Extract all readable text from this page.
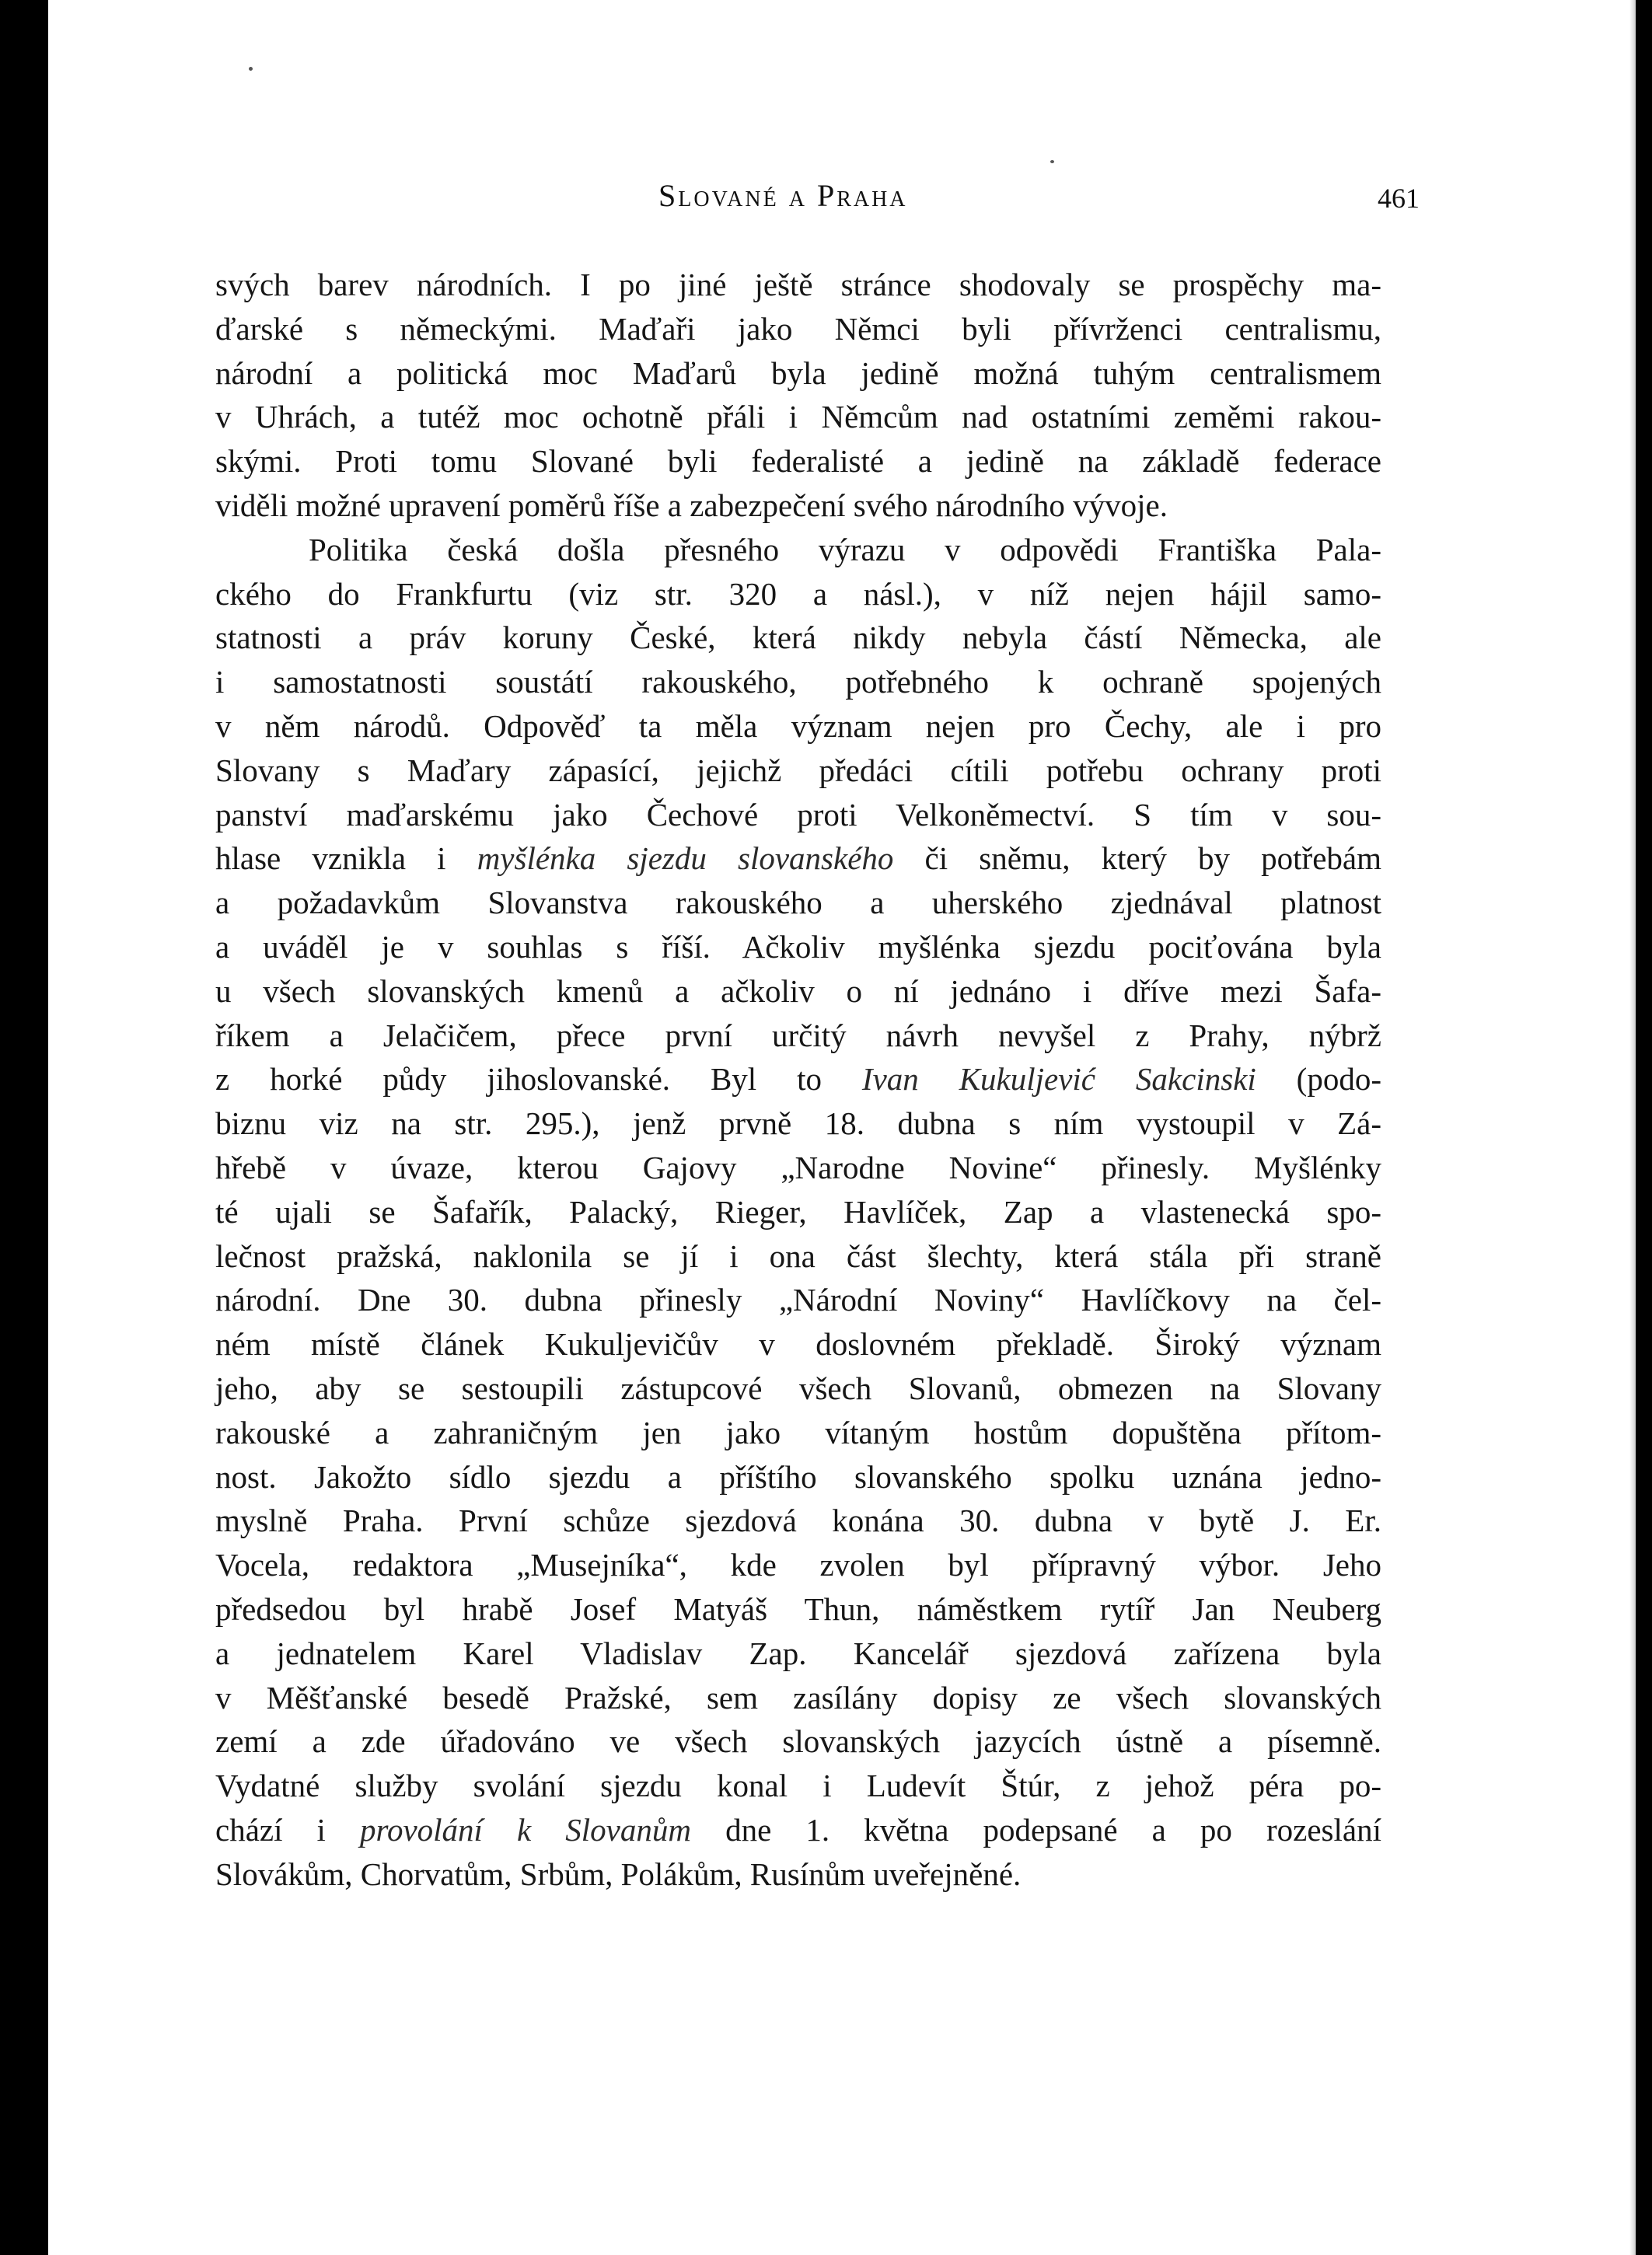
Slované a Praha	461
svých barev národních. I po jiné ještě stránce shodovaly se prospěchy ma-
ďarské s německými. Maďaři jako Němci byli přívrženci centralismu,
národní a politická moc Maďarů byla jedině možná tuhým centralismem
v Uhrách, a tutéž moc ochotně přáli i Němcům nad ostatními zeměmi rakou-
skými. Proti tomu Slované byli federalisté a jedině na základě federace
viděli možné upravení poměrů říše a zabezpečení svého národního vývoje.
Politika česká došla přesného výrazu v odpovědi Františka Pala-
ckého do Frankfurtu (viz str. 320 a násl.), v níž nejen hájil samo-
statnosti a práv koruny České, která nikdy nebyla částí Německa, ale
i samostatnosti soustátí rakouského, potřebného k ochraně spojených
v něm národů. Odpověď ta měla význam nejen pro Čechy, ale i pro
Slovany s Maďary zápasící, jejichž předáci cítili potřebu ochrany proti
panství maďarskému jako Čechové proti Velkoněmectví. S tím v sou-
hlase vznikla i myšlénka sjezdu slovanského či sněmu, který by potřebám
a požadavkům Slovanstva rakouského a uherského zjednával platnost
a uváděl je v souhlas s říší. Ačkoliv myšlénka sjezdu pociťována byla
u všech slovanských kmenů a ačkoliv o ní jednáno i dříve mezi Šafa-
říkem a Jelačičem, přece první určitý návrh nevyšel z Prahy, nýbrž
z horké půdy jihoslovanské. Byl to Ivan Kukuljević Sakcinski (podo-
biznu viz na str. 295.), jenž prvně 18. dubna s ním vystoupil v Zá-
hřebě v úvaze, kterou Gajovy „Narodne Novine“ přinesly. Myšlénky
té ujali se Šafařík, Palacký, Rieger, Havlíček, Zap a vlastenecká spo-
lečnost pražská, naklonila se jí i ona část šlechty, která stála při straně
národní. Dne 30. dubna přinesly „Národní Noviny“ Havlíčkovy na čel-
ném místě článek Kukuljevičův v doslovném překladě. Široký význam
jeho, aby se sestoupili zástupcové všech Slovanů, obmezen na Slovany
rakouské a zahraničným jen jako vítaným hostům dopuštěna přítom-
nost. Jakožto sídlo sjezdu a příštího slovanského spolku uznána jedno-
myslně Praha. První schůze sjezdová konána 30. dubna v bytě J. Er.
Vocela, redaktora „Musejníka“, kde zvolen byl přípravný výbor. Jeho
předsedou byl hrabě Josef Matyáš Thun, náměstkem rytíř Jan Neuberg
a jednatelem Karel Vladislav Zap. Kancelář sjezdová zařízena byla
v Měšťanské besedě Pražské, sem zasílány dopisy ze všech slovanských
zemí a zde úřadováno ve všech slovanských jazycích ústně a písemně.
Vydatné služby svolání sjezdu konal i Ludevít Štúr, z jehož péra po-
chází i provolání k Slovanům dne 1. května podepsané a po rozeslání
Slovákům, Chorvatům, Srbům, Polákům, Rusínům uveřejněné.
